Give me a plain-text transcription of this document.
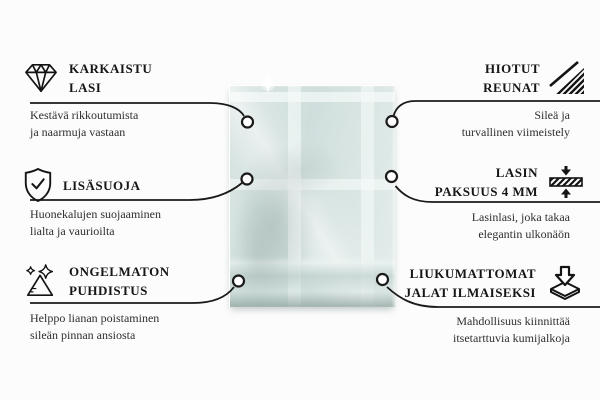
KARKAISTU
LASI
Kestävä rikkoutumista
ja naarmuja vastaan
LISÄSUOJA
Huonekalujen suojaaminen
lialta ja vaurioilta
ONGELMATON
PUHDISTUS
Helppo lianan poistaminen
sileän pinnan ansiosta
HIOTUT
REUNAT
Sileä ja
turvallinen viimeistely
LASIN
PAKSUUS 4 MM
Lasinlasi, joka takaa
elegantin ulkonäön
LIUKUMATTOMAT
JALAT ILMAISEKSI
Mahdollisuus kiinnittää
itsetarttuvia kumijalkoja
